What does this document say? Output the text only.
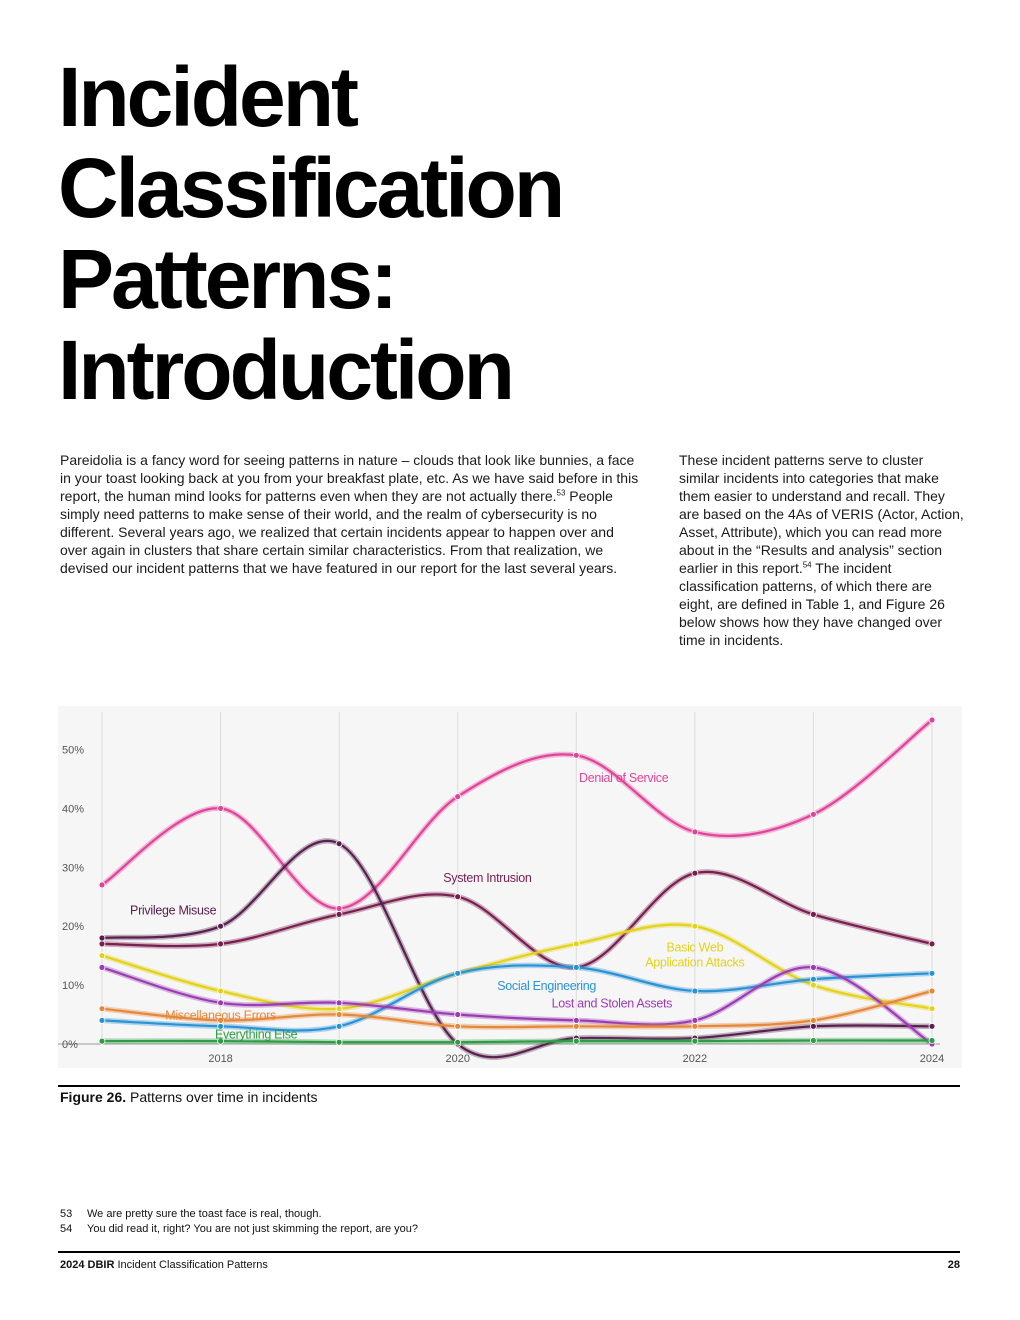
Incident
Classification
Patterns:
Introduction

Pareidolia is a fancy word for seeing patterns in nature – clouds that look like bunnies, a face in your toast looking back at you from your breakfast plate, etc. As we have said before in this report, the human mind looks for patterns even when they are not actually there.$^{53}$ People simply need patterns to make sense of their world, and the realm of cybersecurity is no different. Several years ago, we realized that certain incidents appear to happen over and over again in clusters that share certain similar characteristics. From that realization, we devised our incident patterns that we have featured in our report for the last several years.

These incident patterns serve to cluster similar incidents into categories that make them easier to understand and recall. They are based on the 4As of VERIS (Actor, Action, Asset, Attribute), which you can read more about in the “Results and analysis” section earlier in this report.$^{54}$ The incident classification patterns, of which there are eight, are defined in Table 1, and Figure 26 below shows how they have changed over time in incidents.

0%
10%
20%
30%
40%
50%
2018	2020	2022	2024
Denial of Service
System Intrusion
Privilege Misuse
Basic Web
Application Attacks
Social Engineering
Lost and Stolen Assets
Miscellaneous Errors
Everything Else
Figure 26. Patterns over time in incidents
53	We are pretty sure the toast face is real, though.
54	You did read it, right? You are not just skimming the report, are you?
2024 DBIR Incident Classification Patterns	28
